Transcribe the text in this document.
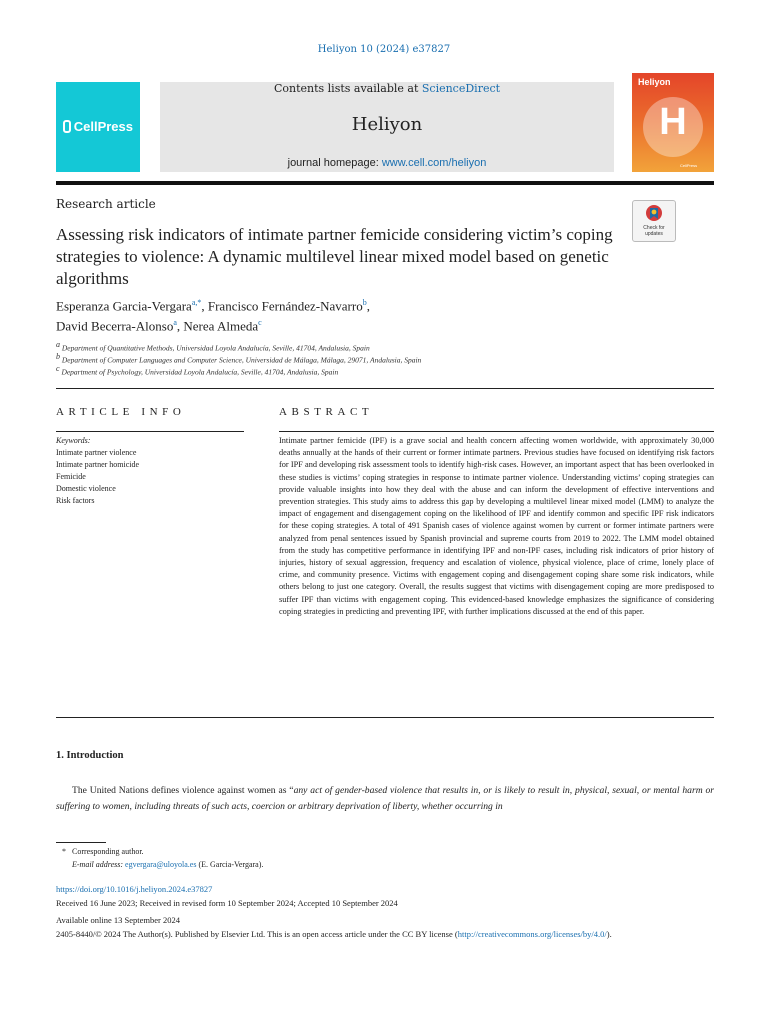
Heliyon 10 (2024) e37827
CellPress
Contents lists available at ScienceDirect
Heliyon
journal homepage: www.cell.com/heliyon
Heliyon
H
CellPress
Research article
Check for
updates
Assessing risk indicators of intimate partner femicide considering victim’s coping strategies to violence: A dynamic multilevel linear mixed model based on genetic algorithms
Esperanza Garcia-Vergara$^{a,*}$, Francisco Fernández-Navarro$^b$,
David Becerra-Alonso$^a$, Nerea Almeda$^c$
$^a$ Department of Quantitative Methods, Universidad Loyola Andalucía, Seville, 41704, Andalusia, Spain
$^b$ Department of Computer Languages and Computer Science, Universidad de Málaga, Málaga, 29071, Andalusia, Spain
$^c$ Department of Psychology, Universidad Loyola Andalucía, Seville, 41704, Andalusia, Spain
ARTICLE INFO	ABSTRACT
Keywords:
Intimate partner violence
Intimate partner homicide
Femicide
Domestic violence
Risk factors
Intimate partner femicide (IPF) is a grave social and health concern affecting women worldwide, with approximately 30,000 deaths annually at the hands of their current or former intimate partners. Previous studies have focused on identifying risk factors for IPF and developing risk assessment tools to identify high-risk cases. However, an important aspect that has been overlooked in these studies is victims’ coping strategies in response to intimate partner violence. Understanding victims’ coping strategies can provide valuable insights into how they deal with the abuse and can inform the development of effective interventions and prevention strategies. This study aims to address this gap by developing a multilevel linear mixed model (LMM) to analyze the impact of engagement and disengagement coping on the likelihood of IPF and identify common and specific IPF risk indicators for these coping strategies. A total of 491 Spanish cases of violence against women by current or former intimate partners were analyzed from penal sentences issued by Spanish provincial and supreme courts from 2019 to 2022. The LMM model obtained from the study has competitive performance in identifying IPF and non-IPF cases, including risk indicators of prior history of injuries, history of sexual aggression, frequency and escalation of violence, physical violence, place of crime, lonely place of crime, and community presence. Victims with engagement coping and disengagement coping share some risk indicators, while others belong to just one category. Overall, the results suggest that victims with disengagement coping are more predisposed to suffer IPF than victims with engagement coping. This evidenced-based knowledge emphasizes the significance of considering coping strategies in predicting and preventing IPF, with further implications discussed at the end of this paper.
1. Introduction
The United Nations defines violence against women as “any act of gender-based violence that results in, or is likely to result in, physical, sexual, or mental harm or suffering to women, including threats of such acts, coercion or arbitrary deprivation of liberty, whether occurring in
* Corresponding author.
E-mail address: egvergara@uloyola.es (E. Garcia-Vergara).
https://doi.org/10.1016/j.heliyon.2024.e37827
Received 16 June 2023; Received in revised form 10 September 2024; Accepted 10 September 2024
Available online 13 September 2024
2405-8440/© 2024 The Author(s). Published by Elsevier Ltd. This is an open access article under the CC BY license (http://creativecommons.org/licenses/by/4.0/).
